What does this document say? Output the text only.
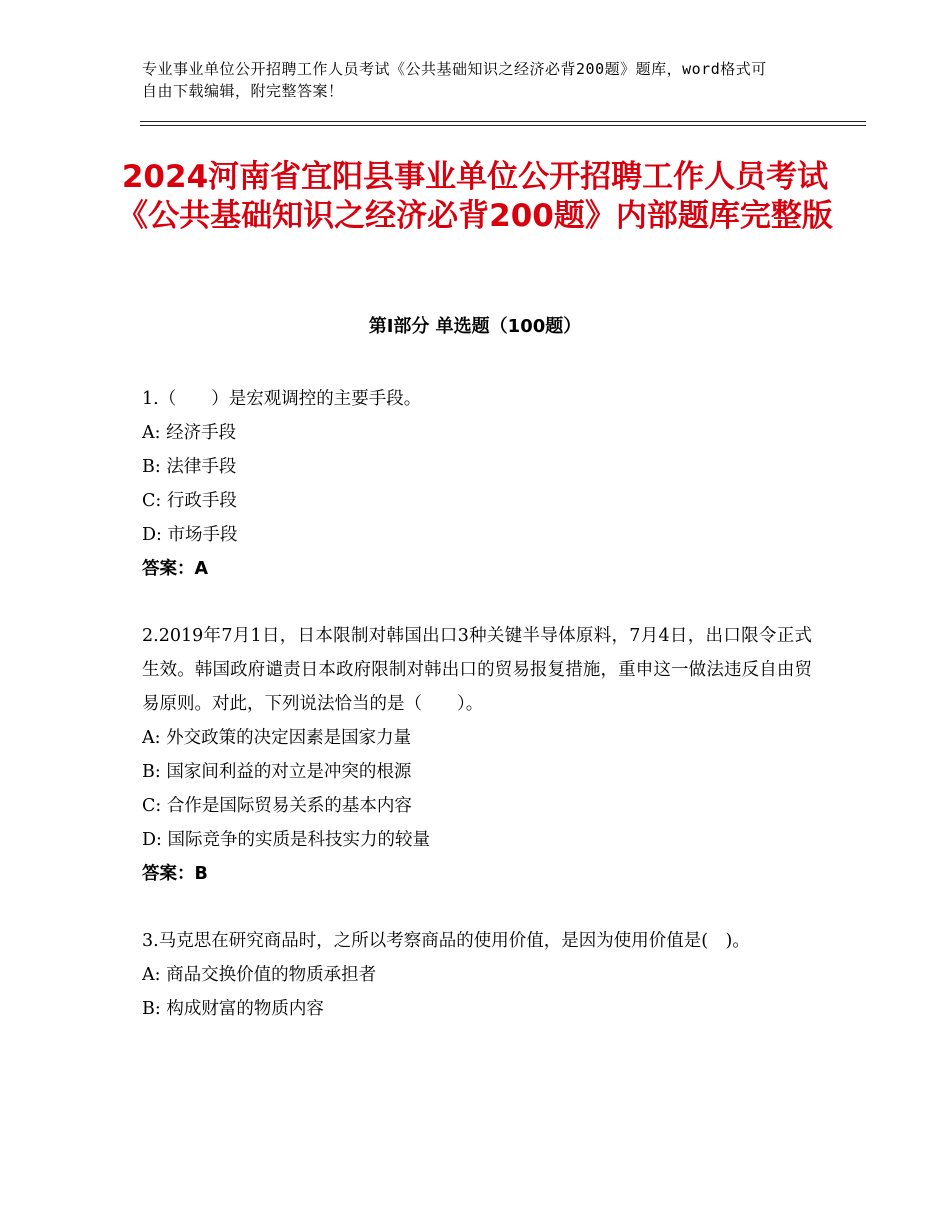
专业事业单位公开招聘工作人员考试《公共基础知识之经济必背200题》题库，word格式可自由下载编辑，附完整答案！
2024河南省宜阳县事业单位公开招聘工作人员考试《公共基础知识之经济必背200题》内部题库完整版
第I部分 单选题（100题）

1.（　　）是宏观调控的主要手段。

A: 经济手段

B: 法律手段

C: 行政手段

D: 市场手段

答案：A

2.2019年7月1日，日本限制对韩国出口3种关键半导体原料，7月4日，出口限令正式生效。韩国政府谴责日本政府限制对韩出口的贸易报复措施，重申这一做法违反自由贸易原则。对此，下列说法恰当的是（　　）。

A: 外交政策的决定因素是国家力量

B: 国家间利益的对立是冲突的根源

C: 合作是国际贸易关系的基本内容

D: 国际竞争的实质是科技实力的较量

答案：B

3.马克思在研究商品时，之所以考察商品的使用价值，是因为使用价值是(　)。

A: 商品交换价值的物质承担者

B: 构成财富的物质内容
